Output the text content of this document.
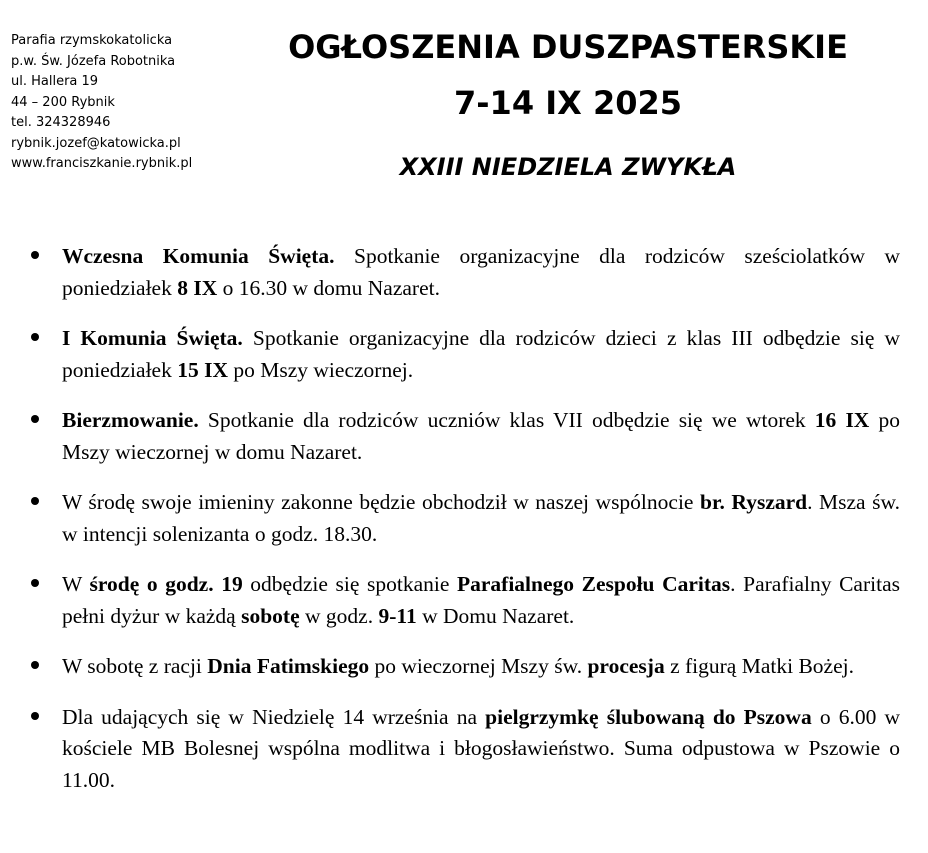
Parafia rzymskokatolicka
p.w. Św. Józefa Robotnika
ul. Hallera 19
44 – 200 Rybnik
tel. 324328946
rybnik.jozef@katowicka.pl
www.franciszkanie.rybnik.pl
OGŁOSZENIA DUSZPASTERSKIE
7-14 IX 2025
XXIII NIEDZIELA ZWYKŁA
Wczesna Komunia Święta. Spotkanie organizacyjne dla rodziców sześciolatków w poniedziałek 8 IX o 16.30 w domu Nazaret.
I Komunia Święta. Spotkanie organizacyjne dla rodziców dzieci z klas III odbędzie się w poniedziałek 15 IX po Mszy wieczornej.
Bierzmowanie. Spotkanie dla rodziców uczniów klas VII odbędzie się we wtorek 16 IX po Mszy wieczornej w domu Nazaret.
W środę swoje imieniny zakonne będzie obchodził w naszej wspólnocie br. Ryszard. Msza św. w intencji solenizanta o godz. 18.30.
W środę o godz. 19 odbędzie się spotkanie Parafialnego Zespołu Caritas. Parafialny Caritas pełni dyżur w każdą sobotę w godz. 9-11 w Domu Nazaret.
W sobotę z racji Dnia Fatimskiego po wieczornej Mszy św. procesja z figurą Matki Bożej.
Dla udających się w Niedzielę 14 września na pielgrzymkę ślubowaną do Pszowa o 6.00 w kościele MB Bolesnej wspólna modlitwa i błogosławieństwo. Suma odpustowa w Pszowie o 11.00.
